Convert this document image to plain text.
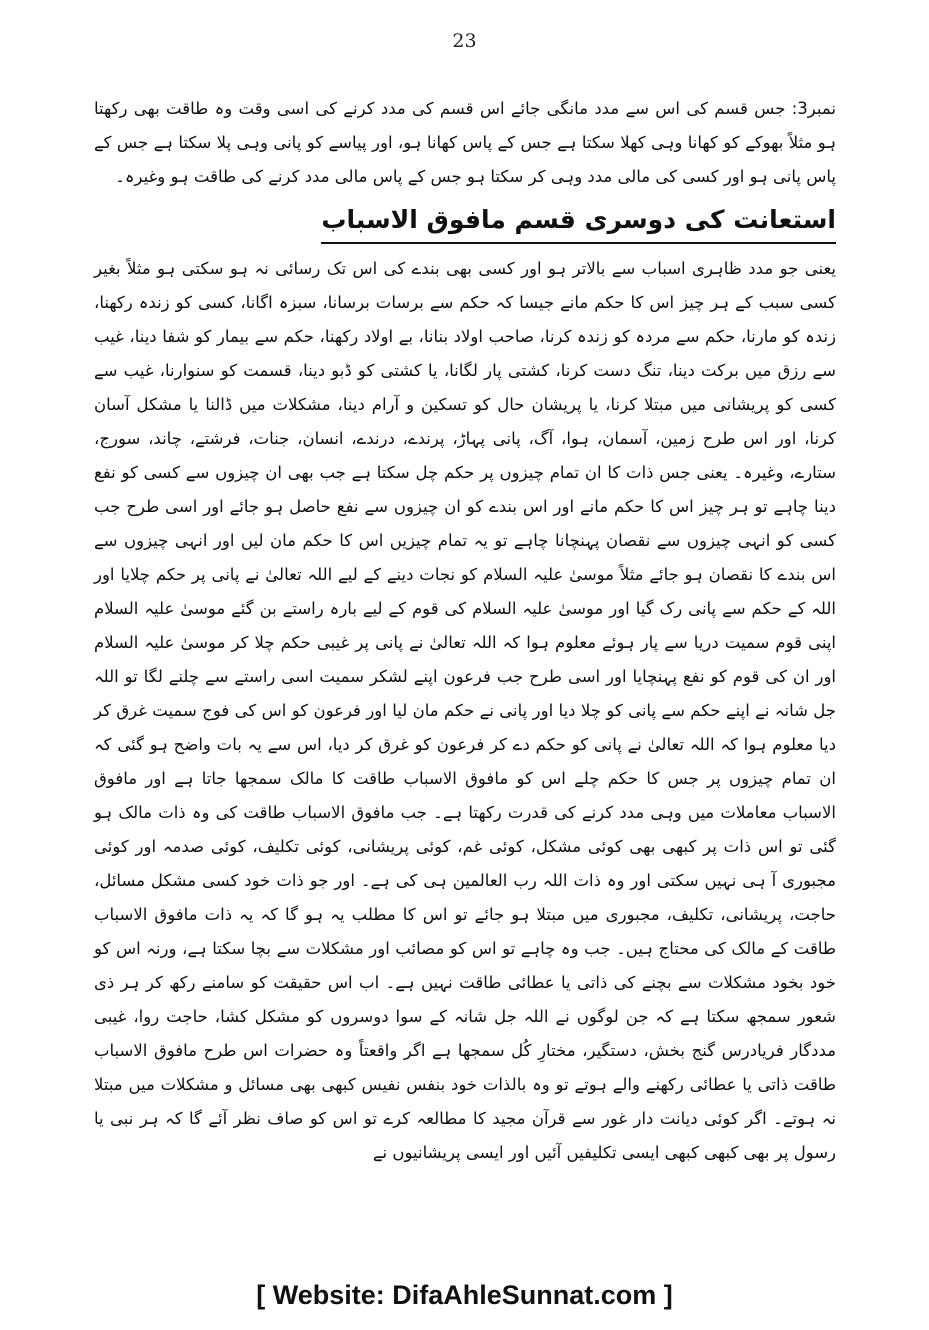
23

نمبر3: جس قسم کی اس سے مدد مانگی جائے اس قسم کی مدد کرنے کی اسی وقت وہ طاقت بھی رکھتا ہو مثلاً بھوکے کو کھانا وہی کھلا سکتا ہے جس کے پاس کھانا ہو، اور پیاسے کو پانی وہی پلا سکتا ہے جس کے پاس پانی ہو اور کسی کی مالی مدد وہی کر سکتا ہو جس کے پاس مالی مدد کرنے کی طاقت ہو وغیرہ۔

استعانت کی دوسری قسم مافوق الاسباب

یعنی جو مدد ظاہری اسباب سے بالاتر ہو اور کسی بھی بندے کی اس تک رسائی نہ ہو سکتی ہو مثلاً بغیر کسی سبب کے ہر چیز اس کا حکم مانے جیسا کہ حکم سے برسات برسانا، سبزہ اگانا، کسی کو زندہ رکھنا، زندہ کو مارنا، حکم سے مردہ کو زندہ کرنا، صاحب اولاد بنانا، بے اولاد رکھنا، حکم سے بیمار کو شفا دینا، غیب سے رزق میں برکت دینا، تنگ دست کرنا، کشتی پار لگانا، یا کشتی کو ڈبو دینا، قسمت کو سنوارنا، غیب سے کسی کو پریشانی میں مبتلا کرنا، یا پریشان حال کو تسکین و آرام دینا، مشکلات میں ڈالنا یا مشکل آسان کرنا، اور اس طرح زمین، آسمان، ہوا، آگ، پانی پہاڑ، پرندے، درندے، انسان، جنات، فرشتے، چاند، سورج، ستارے، وغیرہ۔ یعنی جس ذات کا ان تمام چیزوں پر حکم چل سکتا ہے جب بھی ان چیزوں سے کسی کو نفع دینا چاہے تو ہر چیز اس کا حکم مانے اور اس بندے کو ان چیزوں سے نفع حاصل ہو جائے اور اسی طرح جب کسی کو انہی چیزوں سے نقصان پہنچانا چاہے تو یہ تمام چیزیں اس کا حکم مان لیں اور انہی چیزوں سے اس بندے کا نقصان ہو جائے مثلاً موسیٰ علیہ السلام کو نجات دینے کے لیے اللہ تعالیٰ نے پانی پر حکم چلایا اور اللہ کے حکم سے پانی رک گیا اور موسیٰ علیہ السلام کی قوم کے لیے بارہ راستے بن گئے موسیٰ علیہ السلام اپنی قوم سمیت دریا سے پار ہوئے معلوم ہوا کہ اللہ تعالیٰ نے پانی پر غیبی حکم چلا کر موسیٰ علیہ السلام اور ان کی قوم کو نفع پہنچایا اور اسی طرح جب فرعون اپنے لشکر سمیت اسی راستے سے چلنے لگا تو اللہ جل شانہ نے اپنے حکم سے پانی کو چلا دیا اور پانی نے حکم مان لیا اور فرعون کو اس کی فوج سمیت غرق کر دیا معلوم ہوا کہ اللہ تعالیٰ نے پانی کو حکم دے کر فرعون کو غرق کر دیا، اس سے یہ بات واضح ہو گئی کہ ان تمام چیزوں پر جس کا حکم چلے اس کو مافوق الاسباب طاقت کا مالک سمجھا جاتا ہے اور مافوق الاسباب معاملات میں وہی مدد کرنے کی قدرت رکھتا ہے۔ جب مافوق الاسباب طاقت کی وہ ذات مالک ہو گئی تو اس ذات پر کبھی بھی کوئی مشکل، کوئی غم، کوئی پریشانی، کوئی تکلیف، کوئی صدمہ اور کوئی مجبوری آ ہی نہیں سکتی اور وہ ذات اللہ رب العالمین ہی کی ہے۔ اور جو ذات خود کسی مشکل مسائل، حاجت، پریشانی، تکلیف، مجبوری میں مبتلا ہو جائے تو اس کا مطلب یہ ہو گا کہ یہ ذات مافوق الاسباب طاقت کے مالک کی محتاج ہیں۔ جب وہ چاہے تو اس کو مصائب اور مشکلات سے بچا سکتا ہے، ورنہ اس کو خود بخود مشکلات سے بچنے کی ذاتی یا عطائی طاقت نہیں ہے۔ اب اس حقیقت کو سامنے رکھ کر ہر ذی شعور سمجھ سکتا ہے کہ جن لوگوں نے اللہ جل شانہ کے سوا دوسروں کو مشکل کشا، حاجت روا، غیبی مددگار فریادرس گنج بخش، دستگیر، مختارِ کُل سمجھا ہے اگر واقعتاً وہ حضرات اس طرح مافوق الاسباب طاقت ذاتی یا عطائی رکھنے والے ہوتے تو وہ بالذات خود بنفس نفیس کبھی بھی مسائل و مشکلات میں مبتلا نہ ہوتے۔ اگر کوئی دیانت دار غور سے قرآن مجید کا مطالعہ کرے تو اس کو صاف نظر آئے گا کہ ہر نبی یا رسول پر بھی کبھی کبھی ایسی تکلیفیں آئیں اور ایسی پریشانیوں نے

[ Website: DifaAhleSunnat.com ]
